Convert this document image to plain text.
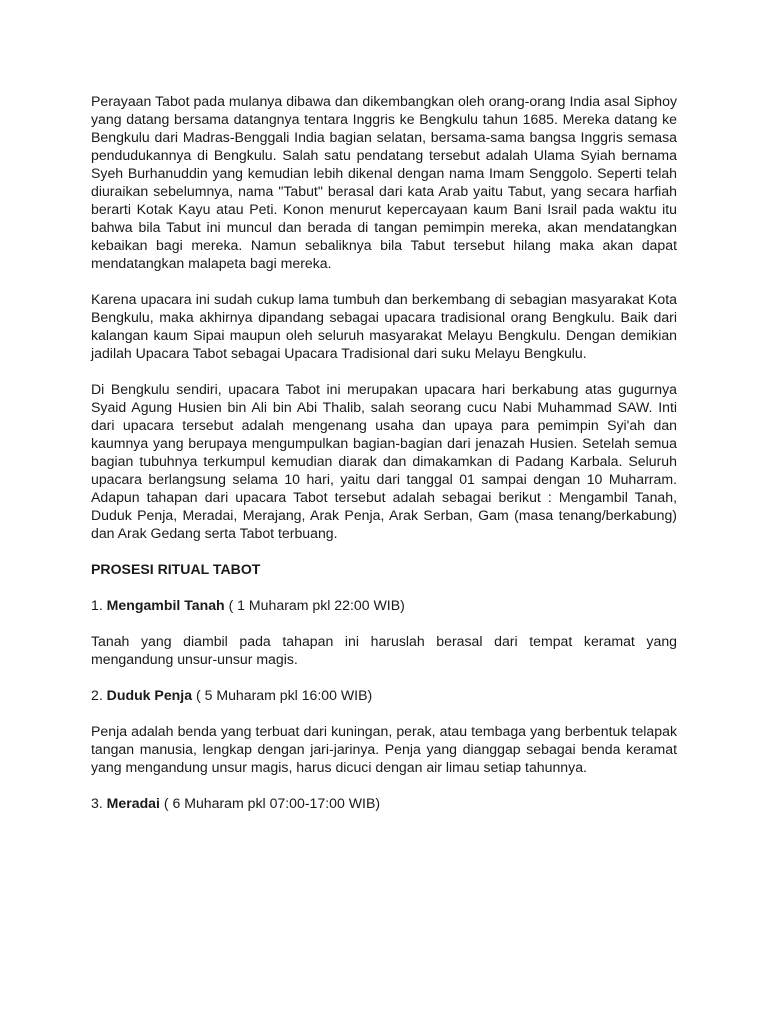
Perayaan Tabot pada mulanya dibawa dan dikembangkan oleh orang-orang India asal Siphoy yang datang bersama datangnya tentara Inggris ke Bengkulu tahun 1685. Mereka datang ke Bengkulu dari Madras-Benggali India bagian selatan, bersama-sama bangsa Inggris semasa pendudukannya di Bengkulu. Salah satu pendatang tersebut adalah Ulama Syiah bernama Syeh Burhanuddin yang kemudian lebih dikenal dengan nama Imam Senggolo. Seperti telah diuraikan sebelumnya, nama "Tabut" berasal dari kata Arab yaitu Tabut, yang secara harfiah berarti Kotak Kayu atau Peti. Konon menurut kepercayaan kaum Bani Israil pada waktu itu bahwa bila Tabut ini muncul dan berada di tangan pemimpin mereka, akan mendatangkan kebaikan bagi mereka. Namun sebaliknya bila Tabut tersebut hilang maka akan dapat mendatangkan malapeta bagi mereka.

Karena upacara ini sudah cukup lama tumbuh dan berkembang di sebagian masyarakat Kota Bengkulu, maka akhirnya dipandang sebagai upacara tradisional orang Bengkulu. Baik dari kalangan kaum Sipai maupun oleh seluruh masyarakat Melayu Bengkulu. Dengan demikian jadilah Upacara Tabot sebagai Upacara Tradisional dari suku Melayu Bengkulu.

Di Bengkulu sendiri, upacara Tabot ini merupakan upacara hari berkabung atas gugurnya Syaid Agung Husien bin Ali bin Abi Thalib, salah seorang cucu Nabi Muhammad SAW. Inti dari upacara tersebut adalah mengenang usaha dan upaya para pemimpin Syi'ah dan kaumnya yang berupaya mengumpulkan bagian-bagian dari jenazah Husien. Setelah semua bagian tubuhnya terkumpul kemudian diarak dan dimakamkan di Padang Karbala. Seluruh upacara berlangsung selama 10 hari, yaitu dari tanggal 01 sampai dengan 10 Muharram. Adapun tahapan dari upacara Tabot tersebut adalah sebagai berikut : Mengambil Tanah, Duduk Penja, Meradai, Merajang, Arak Penja, Arak Serban, Gam (masa tenang/berkabung) dan Arak Gedang serta Tabot terbuang.

PROSESI RITUAL TABOT

1. Mengambil Tanah ( 1 Muharam pkl 22:00 WIB)

Tanah yang diambil pada tahapan ini haruslah berasal dari tempat keramat yang mengandung unsur-unsur magis.

2. Duduk Penja ( 5 Muharam pkl 16:00 WIB)

Penja adalah benda yang terbuat dari kuningan, perak, atau tembaga yang berbentuk telapak tangan manusia, lengkap dengan jari-jarinya. Penja yang dianggap sebagai benda keramat yang mengandung unsur magis, harus dicuci dengan air limau setiap tahunnya.

3. Meradai ( 6 Muharam pkl 07:00-17:00 WIB)
